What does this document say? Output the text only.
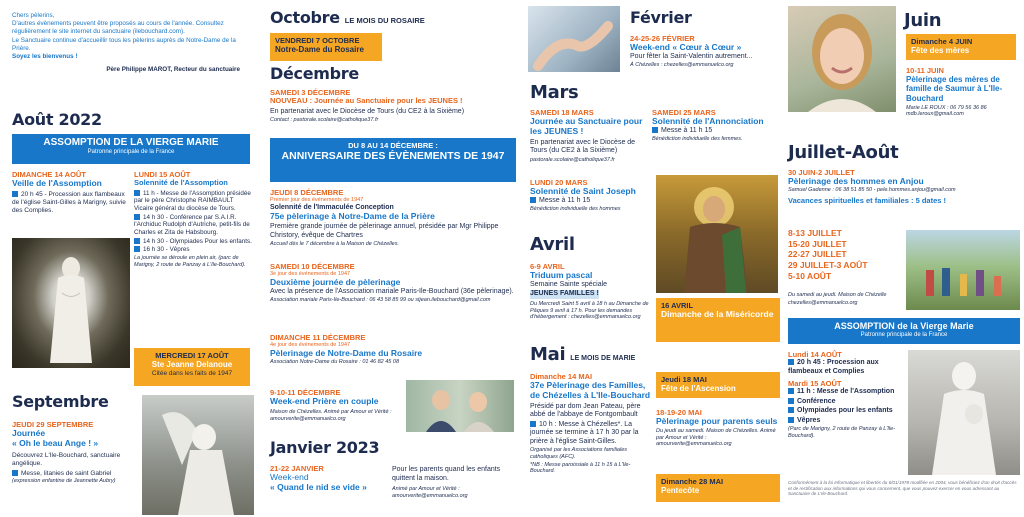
Chers pèlerins,
D'autres évènements peuvent être proposés au cours de l'année. Consultez régulièrement le site internet du sanctuaire (ilebouchard.com).
Le Sanctuaire continue d'accueillir tous les pèlerins auprès de Notre-Dame de la Prière.
Soyez les bienvenus !
Père Philippe MAROT, Recteur du sanctuaire
Août 2022
ASSOMPTION DE LA VIERGE MARIE
Patronne principale de la France
DIMANCHE 14 AOÛT
Veille de l'Assomption

20 h 45 - Procession aux flambeaux de l'église Saint-Gilles à Marigny, suivie des Complies.

LUNDI 15 AOÛT
Solennité de l'Assomption

11 h - Messe de l'Assomption présidée par le père Christophe RAIMBAULT Vicaire général du diocèse de Tours.

14 h 30 - Conférence par S.A.I.R. l'Archiduc Rudolph d'Autriche, petit-fils de Charles et Zita de Habsbourg.

14 h 30 - Olympiades Pour les enfants.

16 h 30 - Vêpres

La journée se déroule en plein air, (parc de Marigny, 2 route de Panzay à L'Ile-Bouchard).

MERCREDI 17 AOÛT
Ste Jeanne Delanoue
Citée dans les faits de 1947
Septembre
JEUDI 29 SEPTEMBRE
Journée
« Oh le beau Ange ! »

Découvrez L'Ile-Bouchard, sanctuaire angélique.

Messe, litanies de saint Gabriel

(expression enfantine de Jeannette Aubry)

Octobre LE MOIS DU ROSAIRE
VENDREDI 7 OCTOBRE
Notre-Dame du Rosaire
Décembre
SAMEDI 3 DÉCEMBRE
NOUVEAU : Journée au Sanctuaire pour les JEUNES !

En partenariat avec le Diocèse de Tours (du CE2 à la Sixième)

Contact : pastorale.scolaire@catholique37.fr

DU 8 AU 14 DÉCEMBRE :
ANNIVERSAIRE DES ÉVÈNEMENTS DE 1947
JEUDI 8 DÉCEMBRE
Premier jour des événements de 1947
Solennité de l'Immaculée Conception
75e pèlerinage à Notre-Dame de la Prière

Première grande journée de pèlerinage annuel, présidée par Mgr Philippe Christory, évêque de Chartres

Accueil dès le 7 décembre à la Maison de Chézelles.

SAMEDI 10 DÉCEMBRE
3e jour des événements de 1947
Deuxième journée de pèlerinage

Avec la présence de l'Association mariale Paris-Ile-Bouchard (36e pèlerinage).

Association mariale Paris-Ile-Bouchard : 06 43 58 85 99 ou stjean.ilebouchard@gmail.com

DIMANCHE 11 DÉCEMBRE
4e jour des événements de 1947
Pèlerinage de Notre-Dame du Rosaire

Association Notre-Dame du Rosaire : 01 46 82 45 08

9-10-11 DÉCEMBRE
Week-end Prière en couple

Maison de Chézelles. Animé par Amour et Vérité : amourverite@emmanuelco.org

Janvier 2023
21-22 JANVIER
Week-end
« Quand le nid se vide »

Pour les parents quand les enfants quittent la maison.

Animé par Amour et Vérité : amourverite@emmanuelco.org

Février
24-25-26 FÉVRIER
Week-end « Cœur à Cœur »

Pour fêter la Saint-Valentin autrement...

À Chézelles : chezelles@emmanuelco.org

Mars
SAMEDI 18 MARS
Journée au Sanctuaire pour les JEUNES !

En partenariat avec le Diocèse de Tours (du CE2 à la Sixième)

pastorale.scolaire@catholique37.fr

SAMEDI 25 MARS
Solennité de l'Annonciation

Messe à 11 h 15

Bénédiction individuelle des femmes.

LUNDI 20 MARS
Solennité de Saint Joseph

Messe à 11 h 15

Bénédiction individuelle des hommes

Avril
6-9 AVRIL
Triduum pascal

Semaine Sainte spéciale

JEUNES FAMILLES !

Du Mercredi Saint 5 avril à 18 h au Dimanche de Pâques 9 avril à 17 h. Pour les demandes d'hébergement : chezelles@emmanuelco.org

16 AVRIL
Dimanche de la Miséricorde
Mai LE MOIS DE MARIE
Dimanche 14 MAI
37e Pèlerinage des Familles, de Chézelles à L'Ile-Bouchard

Présidé par dom Jean Pateau, père abbé de l'abbaye de Fontgombault

10 h : Messe à Chézelles*. La journée se termine à 17 h 30 par la prière à l'église Saint-Gilles.

Organisé par les Associations familiales catholiques (AFC).

*NB : Messe paroissiale à 11 h 15 à L'Ile-Bouchard.

Jeudi 18 MAI
Fête de l'Ascension
18-19-20 MAI
Pèlerinage pour parents seuls

Du jeudi au samedi. Maison de Chézelles. Animé par Amour et Vérité : amourverite@emmanuelco.org

Dimanche 28 MAI
Pentecôte
Juin
Dimanche 4 JUIN
Fête des mères
10-11 JUIN
Pèlerinage des mères de famille de Saumur à L'Ile-Bouchard

Marie LE ROUX : 06 79 56 36 86 mdb.leroux@gmail.com

Juillet-Août
30 JUIN-2 JUILLET
Pèlerinage des hommes en Anjou

Samuel Gadenne : 06 38 51 85 50 - pele.hommes.anjou@gmail.com

Vacances spirituelles et familiales : 5 dates !
8-13 JUILLET
15-20 JUILLET
22-27 JUILLET
29 JUILLET-3 AOÛT
5-10 AOÛT

Du samedi au jeudi. Maison de Chézelle

chezelles@emmanuelco.org

ASSOMPTION de la Vierge Marie
Patronne principale de la France
Lundi 14 AOÛT

20 h 45 : Procession aux flambeaux et Complies

Mardi 15 AOÛT

11 h : Messe de l'Assomption

Conférence

Olympiades pour les enfants

Vêpres

(Parc de Marigny, 2 route de Panzay à L'Ile-Bouchard).

Conformément à la loi Informatique et libertés du 6/01/1978 modifiée en 2004, vous bénéficiez d'un droit d'accès et de rectification aux informations qui vous concernent, que vous pouvez exercer en vous adressant au Sanctuaire de L'Ile-Bouchard.
